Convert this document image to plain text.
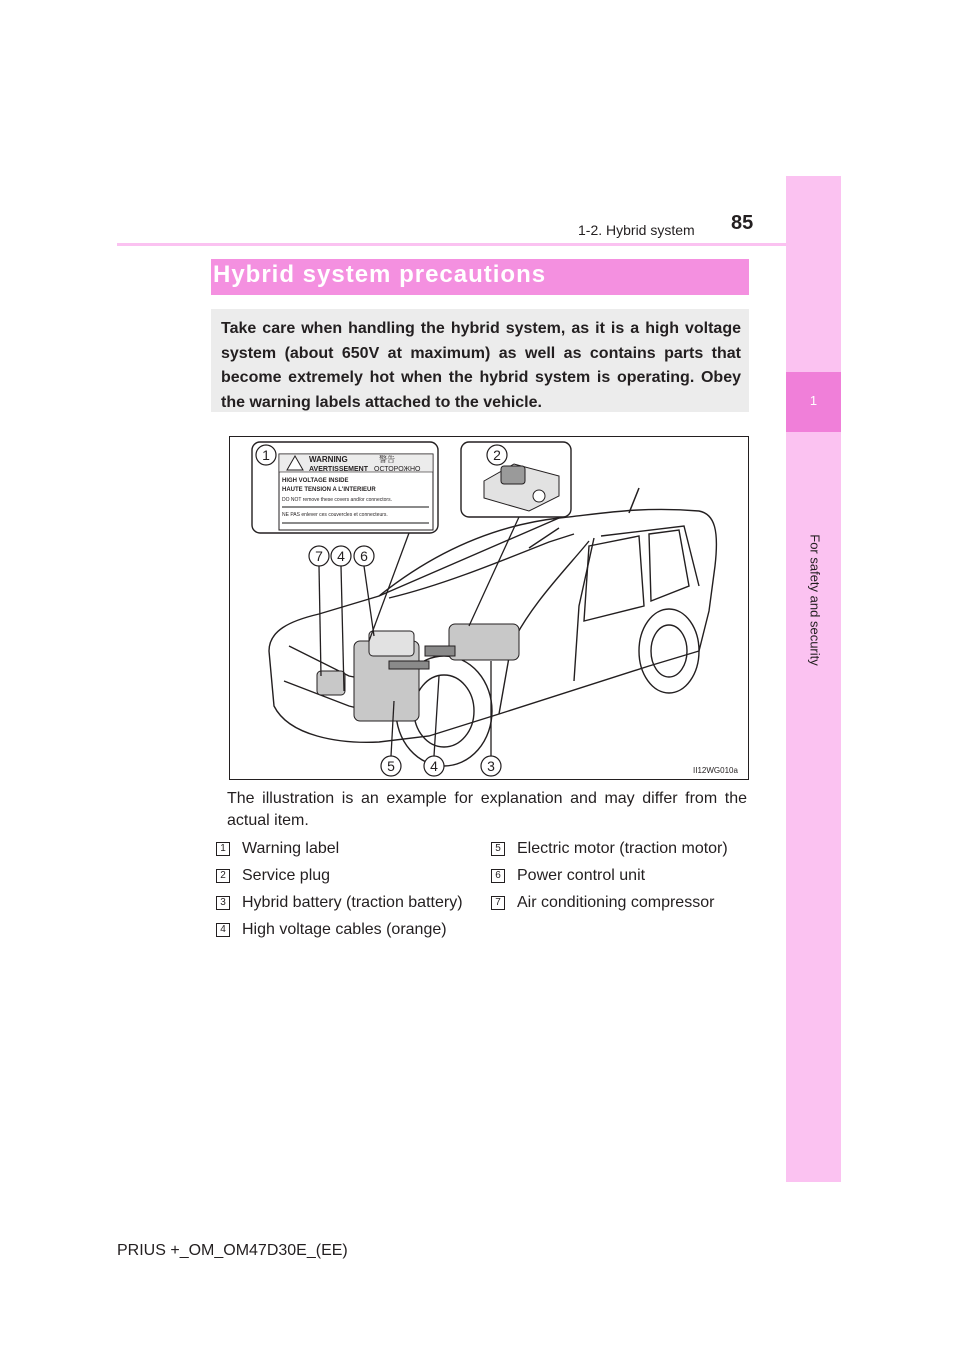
1
For safety and security
1-2. Hybrid system 85
Hybrid system precautions
Take care when handling the hybrid system, as it is a high voltage system (about 650V at maximum) as well as contains parts that become extremely hot when the hybrid system is operating. Obey the warning labels attached to the vehicle.
WARNING	警告
AVERTISSEMENT ОСТОРОЖНО
HIGH VOLTAGE INSIDE
HAUTE TENSION A L'INTERIEUR
DO NOT remove these covers and/or connectors.
NE PAS enlever ces couvercles et connecteurs.
1	2
7 4 6
5	4	3	II12WG010a
The illustration is an example for explanation and may differ from the actual item.
1 Warning label
2 Service plug
3 Hybrid battery (traction battery)
4 High voltage cables (orange)
5 Electric motor (traction motor)
6 Power control unit
7 Air conditioning compressor
PRIUS +_OM_OM47D30E_(EE)
